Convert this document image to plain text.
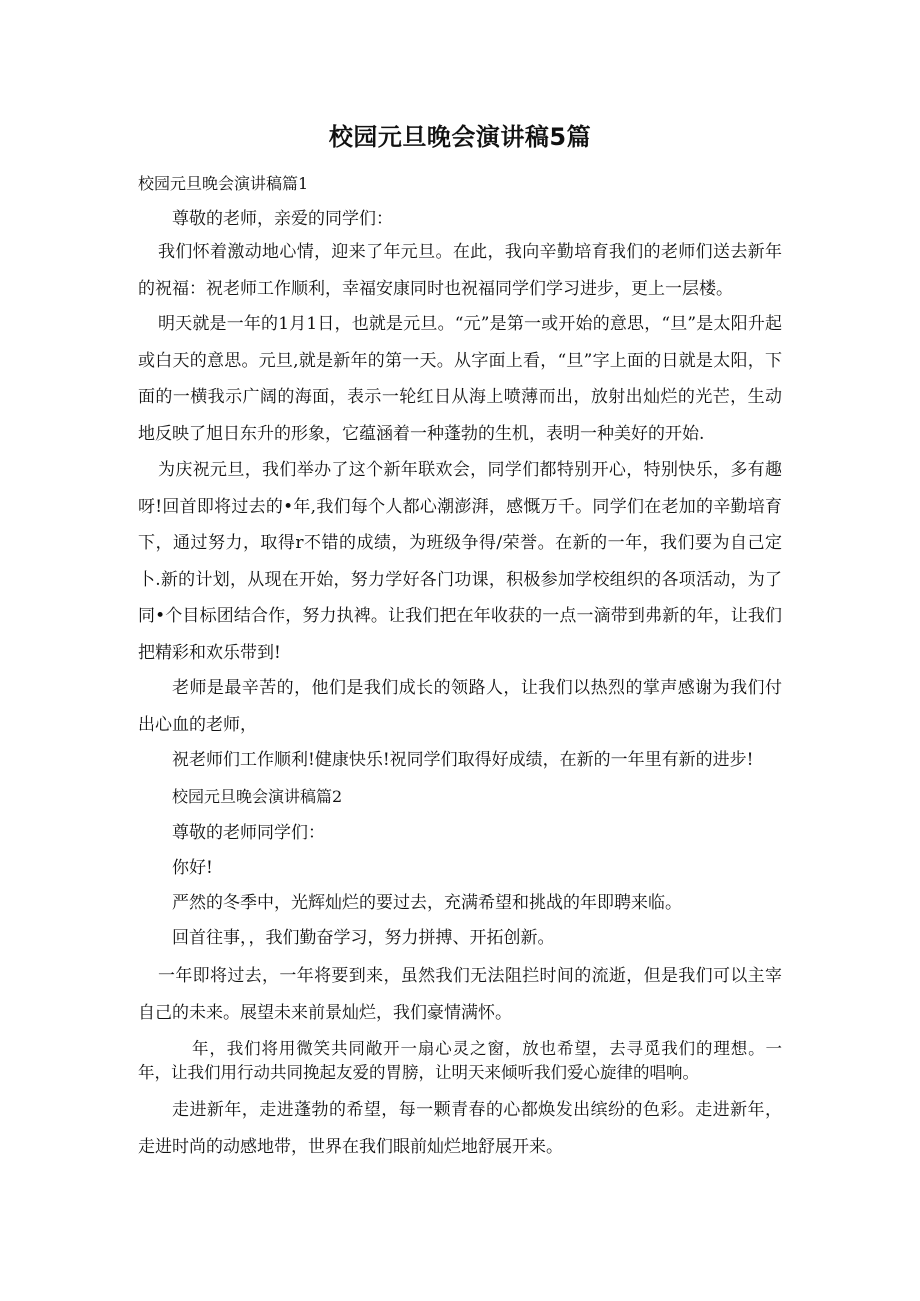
校园元旦晚会演讲稿5篇

校园元旦晚会演讲稿篇1

尊敬的老师，亲爱的同学们：

我们怀着激动地心情，迎来了年元旦。在此，我向辛勤培育我们的老师们送去新年的祝福：祝老师工作顺利，幸福安康同时也祝福同学们学习进步，更上一层楼。

明天就是一年的1月1日，也就是元旦。“元”是第一或开始的意思，“旦”是太阳升起或白天的意思。元旦,就是新年的第一天。从字面上看，“旦”字上面的日就是太阳，下面的一横我示广阔的海面，表示一轮红日从海上喷薄而出，放射出灿烂的光芒，生动地反映了旭日东升的形象，它蕴涵着一种蓬勃的生机，表明一种美好的开始.

为庆祝元旦，我们举办了这个新年联欢会，同学们都特别开心，特别快乐，多有趣呀!回首即将过去的•年,我们每个人都心潮澎湃，感慨万千。同学们在老加的辛勤培育下，通过努力，取得r不错的成绩，为班级争得/荣誉。在新的一年，我们要为自己定卜.新的计划，从现在开始，努力学好各门功课，积极参加学校组织的各项活动，为了同•个目标团结合作，努力执裨。让我们把在年收获的一点一滴带到弗新的年，让我们把精彩和欢乐带到!

老师是最辛苦的，他们是我们成长的领路人，让我们以热烈的掌声感谢为我们付出心血的老师，

祝老师们工作顺利!健康快乐!祝同学们取得好成绩，在新的一年里有新的进步!

校园元旦晚会演讲稿篇2

尊敬的老师同学们：

你好!

严然的冬季中，光辉灿烂的要过去，充满希望和挑战的年即聘来临。

回首往事，，我们勤奋学习，努力拼搏、开拓创新。

一年即将过去，一年将要到来，虽然我们无法阻拦时间的流逝，但是我们可以主宰自己的未来。展望未来前景灿烂，我们豪情满怀。

年，我们将用微笑共同敞开一扇心灵之窗，放也希望，去寻觅我们的理想。一年，让我们用行动共同挽起友爱的胃膀，让明天来倾听我们爱心旋律的唱响。

走进新年，走进蓬勃的希望，每一颗青春的心都焕发出缤纷的色彩。走进新年，走进时尚的动感地带，世界在我们眼前灿烂地舒展开来。
